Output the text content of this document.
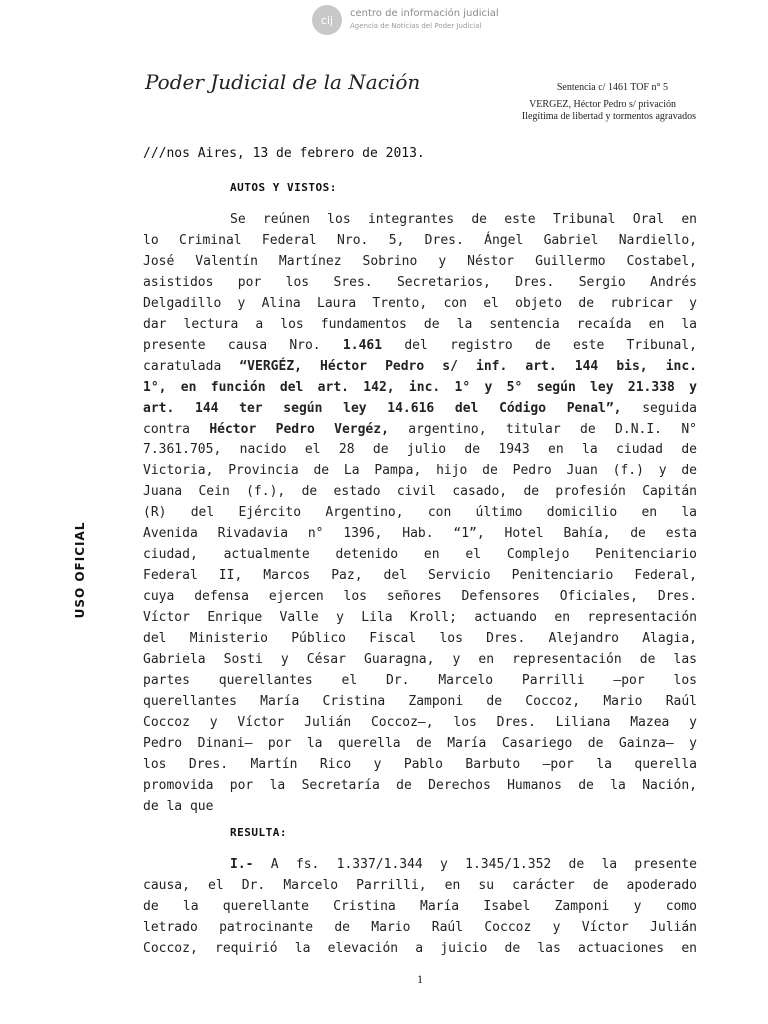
cij	centro de información judicial
Agencia de Noticias del Poder Judicial
Poder Judicial de la Nación	Sentencia c/ 1461 TOF n° 5
VERGEZ, Héctor Pedro s/ privación
Ilegítima de libertad y tormentos agravados
USO OFICIAL
///nos Aires, 13 de febrero de 2013.
AUTOS Y VISTOS:
Se reúnen los integrantes de este Tribunal Oral en
lo Criminal Federal Nro. 5, Dres. Ángel Gabriel Nardiello,
José Valentín Martínez Sobrino y Néstor Guillermo Costabel,
asistidos por los Sres. Secretarios, Dres. Sergio Andrés
Delgadillo y Alina Laura Trento, con el objeto de rubricar y
dar lectura a los fundamentos de la sentencia recaída en la
presente causa Nro. 1.461 del registro de este Tribunal,
caratulada “VERGÉZ, Héctor Pedro s/ inf. art. 144 bis, inc.
1°, en función del art. 142, inc. 1° y 5° según ley 21.338 y
art. 144 ter según ley 14.616 del Código Penal”, seguida
contra Héctor Pedro Vergéz, argentino, titular de D.N.I. N°
7.361.705, nacido el 28 de julio de 1943 en la ciudad de
Victoria, Provincia de La Pampa, hijo de Pedro Juan (f.) y de
Juana Cein (f.), de estado civil casado, de profesión Capitán
(R) del Ejército Argentino, con último domicilio en la
Avenida Rivadavia n° 1396, Hab. “1”, Hotel Bahía, de esta
ciudad, actualmente detenido en el Complejo Penitenciario
Federal II, Marcos Paz, del Servicio Penitenciario Federal,
cuya defensa ejercen los señores Defensores Oficiales, Dres.
Víctor Enrique Valle y Lila Kroll; actuando en representación
del Ministerio Público Fiscal los Dres. Alejandro Alagia,
Gabriela Sosti y César Guaragna, y en representación de las
partes querellantes el Dr. Marcelo Parrilli –por los
querellantes María Cristina Zamponi de Coccoz, Mario Raúl
Coccoz y Víctor Julián Coccoz–, los Dres. Liliana Mazea y
Pedro Dinani– por la querella de María Casariego de Gainza– y
los Dres. Martín Rico y Pablo Barbuto –por la querella
promovida por la Secretaría de Derechos Humanos de la Nación,
de la que
RESULTA:
I.- A fs. 1.337/1.344 y 1.345/1.352 de la presente
causa, el Dr. Marcelo Parrilli, en su carácter de apoderado
de la querellante Cristina María Isabel Zamponi y como
letrado patrocinante de Mario Raúl Coccoz y Víctor Julián
Coccoz, requirió la elevación a juicio de las actuaciones en
1
